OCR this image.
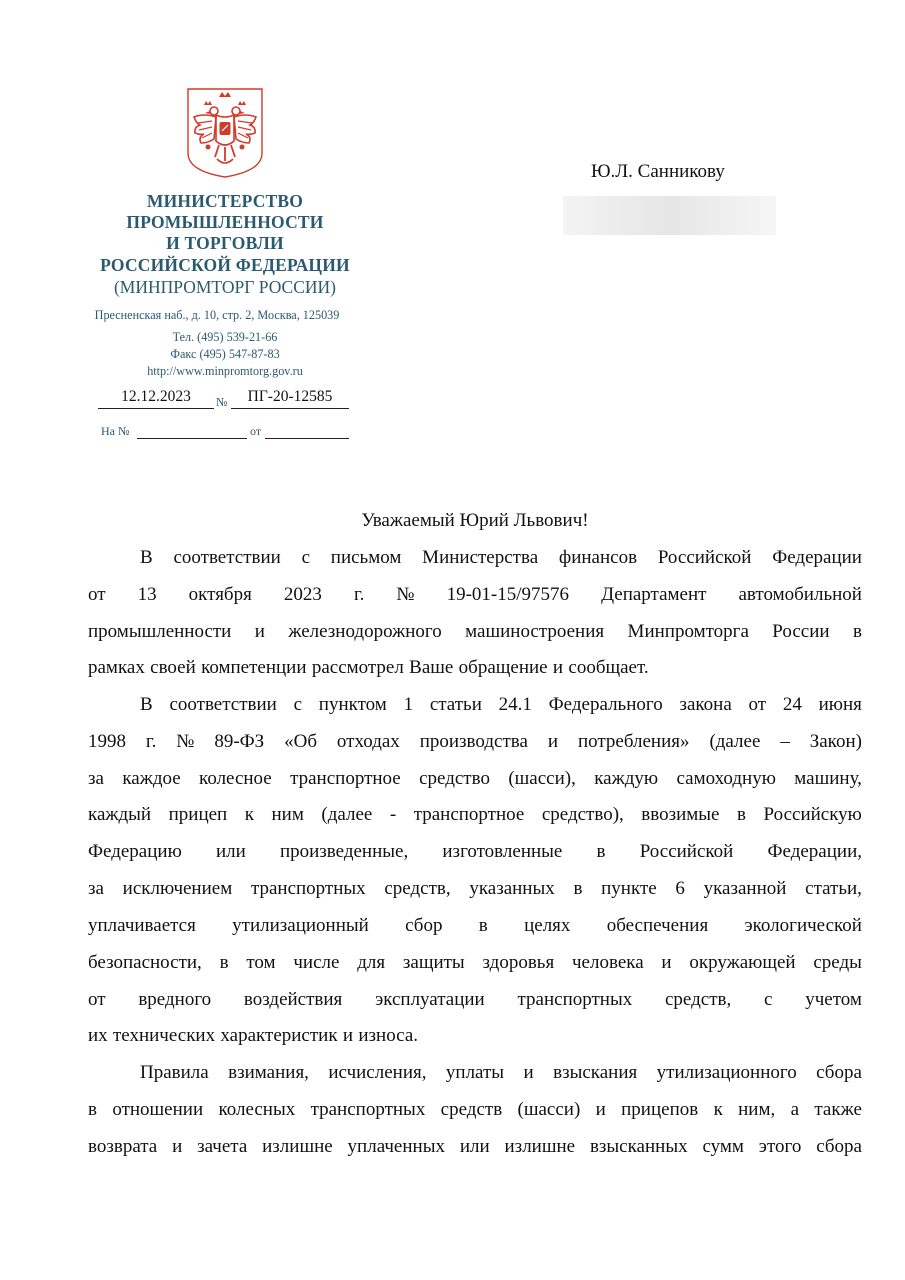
МИНИСТЕРСТВО
ПРОМЫШЛЕННОСТИ
И ТОРГОВЛИ
РОССИЙСКОЙ ФЕДЕРАЦИИ
(МИНПРОМТОРГ РОССИИ)
Пресненская наб., д. 10, стр. 2, Москва, 125039
Тел. (495) 539-21-66
Факс (495) 547-87-83
http://www.minpromtorg.gov.ru
12.12.2023	№	ПГ-20-12585
На №	от
Ю.Л. Санникову
Уважаемый Юрий Львович!
В соответствии с письмом Министерства финансов Российской Федерации
от 13 октября 2023 г. № 19-01-15/97576 Департамент автомобильной
промышленности и железнодорожного машиностроения Минпромторга России в
рамках своей компетенции рассмотрел Ваше обращение и сообщает.
В соответствии с пунктом 1 статьи 24.1 Федерального закона от 24 июня
1998 г. № 89-ФЗ «Об отходах производства и потребления» (далее – Закон)
за каждое колесное транспортное средство (шасси), каждую самоходную машину,
каждый прицеп к ним (далее - транспортное средство), ввозимые в Российскую
Федерацию или произведенные, изготовленные в Российской Федерации,
за исключением транспортных средств, указанных в пункте 6 указанной статьи,
уплачивается утилизационный сбор в целях обеспечения экологической
безопасности, в том числе для защиты здоровья человека и окружающей среды
от вредного воздействия эксплуатации транспортных средств, с учетом
их технических характеристик и износа.
Правила взимания, исчисления, уплаты и взыскания утилизационного сбора
в отношении колесных транспортных средств (шасси) и прицепов к ним, а также
возврата и зачета излишне уплаченных или излишне взысканных сумм этого сбора
